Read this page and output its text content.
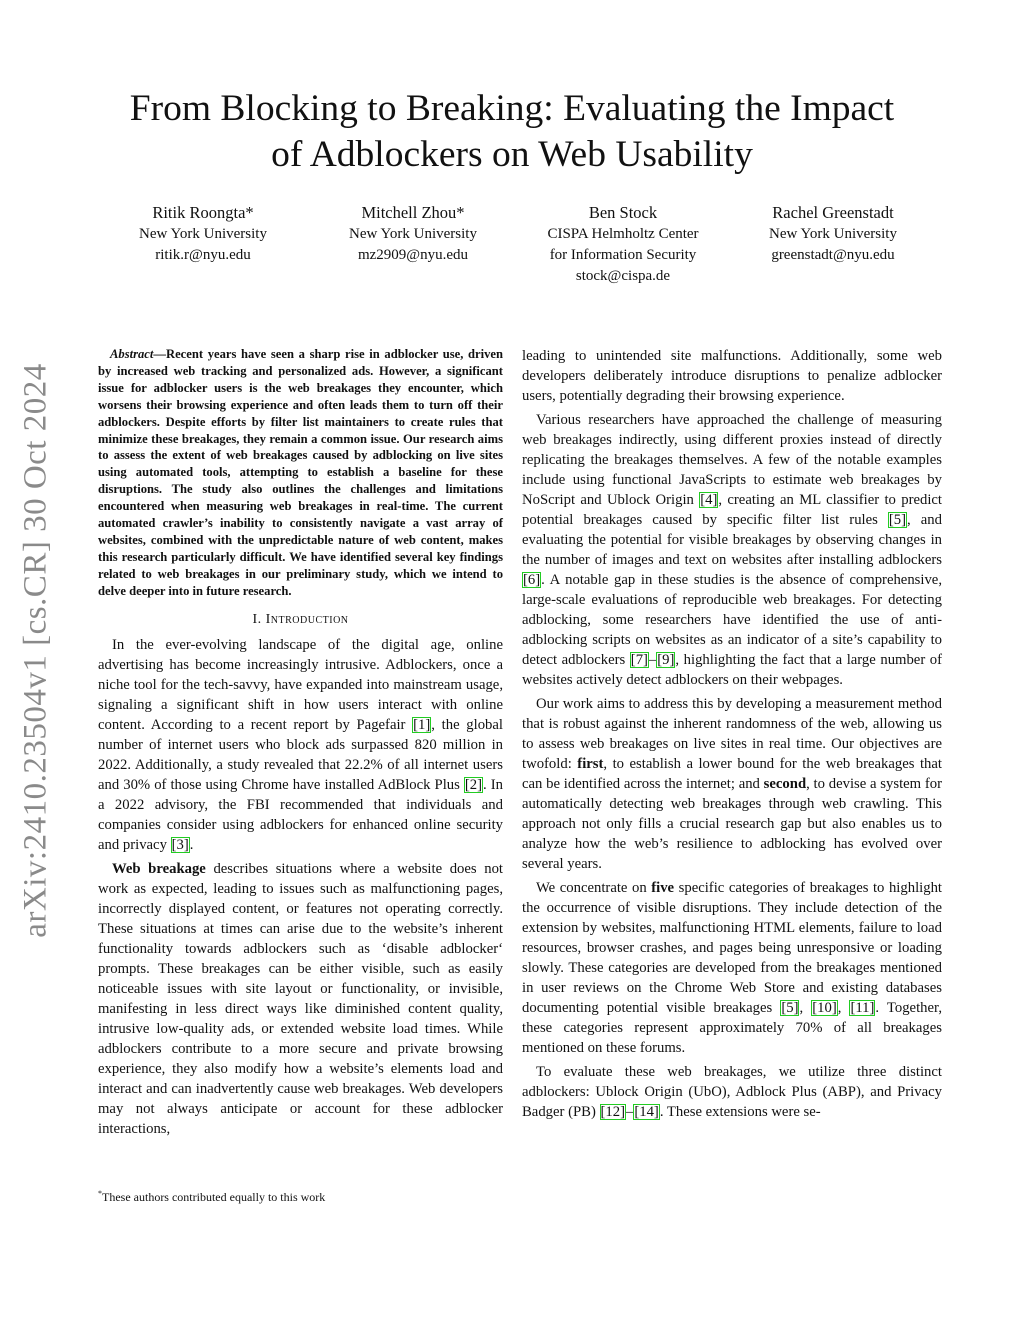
arXiv:2410.23504v1 [cs.CR] 30 Oct 2024
From Blocking to Breaking: Evaluating the Impact
of Adblockers on Web Usability
Ritik Roongta*
New York University
ritik.r@nyu.edu
Mitchell Zhou*
New York University
mz2909@nyu.edu
Ben Stock
CISPA Helmholtz Center
for Information Security
stock@cispa.de
Rachel Greenstadt
New York University
greenstadt@nyu.edu

Abstract—Recent years have seen a sharp rise in adblocker use, driven by increased web tracking and personalized ads. However, a significant issue for adblocker users is the web breakages they encounter, which worsens their browsing experience and often leads them to turn off their adblockers. Despite efforts by filter list maintainers to create rules that minimize these breakages, they remain a common issue. Our research aims to assess the extent of web breakages caused by adblocking on live sites using automated tools, attempting to establish a baseline for these disruptions. The study also outlines the challenges and limitations encountered when measuring web breakages in real-time. The current automated crawler’s inability to consistently navigate a vast array of websites, combined with the unpredictable nature of web content, makes this research particularly difficult. We have identified several key findings related to web breakages in our preliminary study, which we intend to delve deeper into in future research.

I. Introduction

In the ever-evolving landscape of the digital age, online advertising has become increasingly intrusive. Adblockers, once a niche tool for the tech-savvy, have expanded into mainstream usage, signaling a significant shift in how users interact with online content. According to a recent report by Pagefair [1], the global number of internet users who block ads surpassed 820 million in 2022. Additionally, a study revealed that 22.2% of all internet users and 30% of those using Chrome have installed AdBlock Plus [2]. In a 2022 advisory, the FBI recommended that individuals and companies consider using adblockers for enhanced online security and privacy [3].

Web breakage describes situations where a website does not work as expected, leading to issues such as malfunctioning pages, incorrectly displayed content, or features not operating correctly. These situations at times can arise due to the website’s inherent functionality towards adblockers such as ‘disable adblocker‘ prompts. These breakages can be either visible, such as easily noticeable issues with site layout or functionality, or invisible, manifesting in less direct ways like diminished content quality, intrusive low-quality ads, or extended website load times. While adblockers contribute to a more secure and private browsing experience, they also modify how a website’s elements load and interact and can inadvertently cause web breakages. Web developers may not always anticipate or account for these adblocker interactions,

*These authors contributed equally to this work

leading to unintended site malfunctions. Additionally, some web developers deliberately introduce disruptions to penalize adblocker users, potentially degrading their browsing experience.

Various researchers have approached the challenge of measuring web breakages indirectly, using different proxies instead of directly replicating the breakages themselves. A few of the notable examples include using functional JavaScripts to estimate web breakages by NoScript and Ublock Origin [4], creating an ML classifier to predict potential breakages caused by specific filter list rules [5], and evaluating the potential for visible breakages by observing changes in the number of images and text on websites after installing adblockers [6]. A notable gap in these studies is the absence of comprehensive, large-scale evaluations of reproducible web breakages. For detecting adblocking, some researchers have identified the use of anti-adblocking scripts on websites as an indicator of a site’s capability to detect adblockers [7]–[9], highlighting the fact that a large number of websites actively detect adblockers on their webpages.

Our work aims to address this by developing a measurement method that is robust against the inherent randomness of the web, allowing us to assess web breakages on live sites in real time. Our objectives are twofold: first, to establish a lower bound for the web breakages that can be identified across the internet; and second, to devise a system for automatically detecting web breakages through web crawling. This approach not only fills a crucial research gap but also enables us to analyze how the web’s resilience to adblocking has evolved over several years.

We concentrate on five specific categories of breakages to highlight the occurrence of visible disruptions. They include detection of the extension by websites, malfunctioning HTML elements, failure to load resources, browser crashes, and pages being unresponsive or loading slowly. These categories are developed from the breakages mentioned in user reviews on the Chrome Web Store and existing databases documenting potential visible breakages [5], [10], [11]. Together, these categories represent approximately 70% of all breakages mentioned on these forums.

To evaluate these web breakages, we utilize three distinct adblockers: Ublock Origin (UbO), Adblock Plus (ABP), and Privacy Badger (PB) [12]–[14]. These extensions were se-
